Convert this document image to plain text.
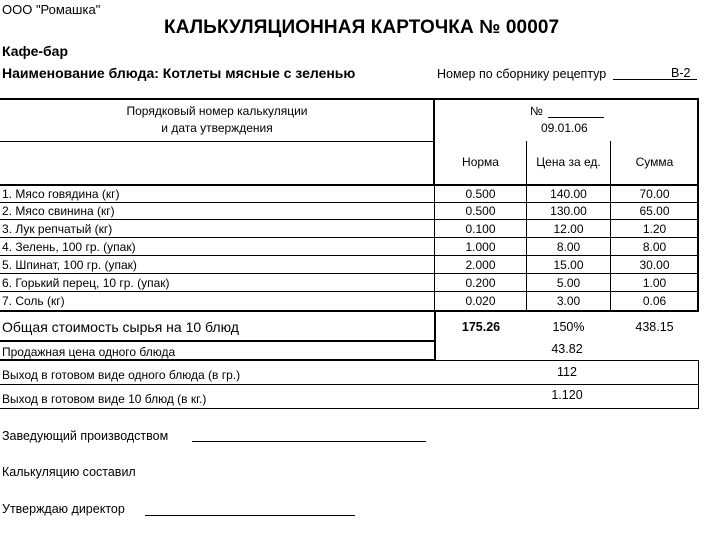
ООО "Ромашка"
КАЛЬКУЛЯЦИОННАЯ КАРТОЧКА № 00007
Кафе-бар
Наименование блюда: Котлеты мясные с зеленью	Номер по сборнику рецептур	В-2
Порядковый номер калькуляции
и дата утверждения
№
09.01.06
Норма	Цена за ед.	Сумма
1. Мясо говядина (кг)	0.500	140.00	70.00
2. Мясо свинина (кг)	0.500	130.00	65.00
3. Лук репчатый (кг)	0.100	12.00	1.20
4. Зелень, 100 гр. (упак)	1.000	8.00	8.00
5. Шпинат, 100 гр. (упак)	2.000	15.00	30.00
6. Горький перец, 10 гр. (упак)	0.200	5.00	1.00
7. Соль (кг)	0.020	3.00	0.06
Общая стоимость сырья на 10 блюд	175.26	150%	438.15
Продажная цена одного блюда	43.82
Выход в готовом виде одного блюда (в гр.)	112
Выход в готовом виде 10 блюд (в кг.)	1.120
Заведующий производством
Калькуляцию составил
Утверждаю директор
